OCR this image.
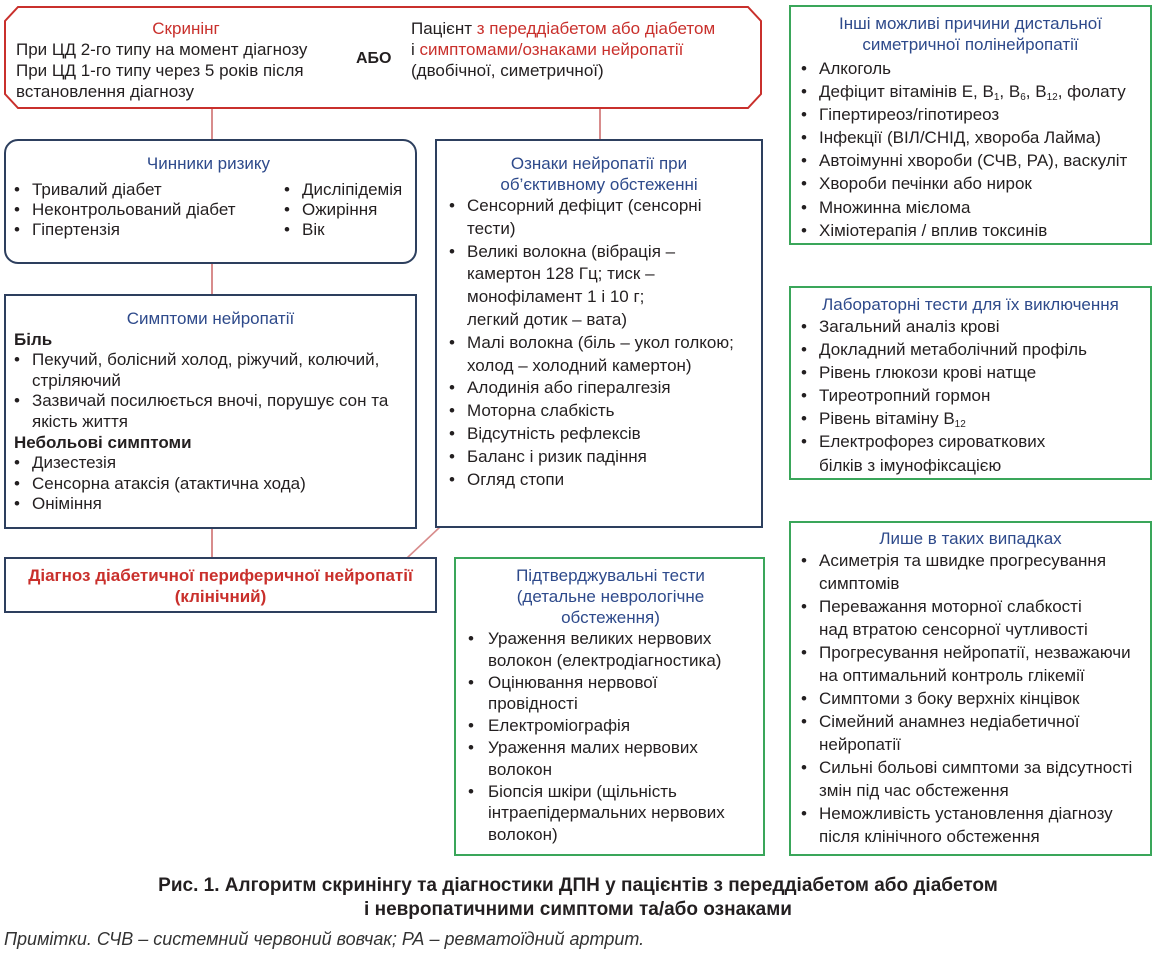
Скринінг
При ЦД 2-го типу на момент діагнозу
При ЦД 1-го типу через 5 років після
встановлення діагнозу
АБО
Пацієнт з переддіабетом або діабетом
і симптомами/ознаками нейропатії
(двобічної, симетричної)
Чинники ризику
• Тривалий діабет
• Неконтрольований діабет
• Гіпертензія
• Дисліпідемія
• Ожиріння
• Вік
Симптоми нейропатії
Біль
• Пекучий, болісний холод, ріжучий, колючий, стріляючий
• Зазвичай посилюється вночі, порушує сон та якість життя
Небольові симптоми
• Дизестезія
• Сенсорна атаксія (атактична хода)
• Оніміння
Діагноз діабетичної периферичної нейропатії
(клінічний)
Ознаки нейропатії при об’єктивному обстеженні
• Сенсорний дефіцит (сенсорні тести)
• Великі волокна (вібрація – камертон 128 Гц; тиск – монофіламент 1 і 10 г; легкий дотик – вата)
• Малі волокна (біль – укол голкою; холод – холодний камертон)
• Алодинія або гіпералгезія
• Моторна слабкість
• Відсутність рефлексів
• Баланс і ризик падіння
• Огляд стопи
Підтверджувальні тести (детальне неврологічне обстеження)
• Ураження великих нервових волокон (електродіагностика)
• Оцінювання нервової провідності
• Електроміографія
• Ураження малих нервових волокон
• Біопсія шкіри (щільність інтраепідермальних нервових волокон)
Інші можливі причини дистальної симетричної полінейропатії
• Алкоголь
• Дефіцит вітамінів Е, $В_1$, $В_6$, $В_{12}$, фолату
• Гіпертиреоз/гіпотиреоз
• Інфекції (ВІЛ/СНІД, хвороба Лайма)
• Автоімунні хвороби (СЧВ, РА), васкуліт
• Хвороби печінки або нирок
• Множинна мієлома
• Хіміотерапія / вплив токсинів
Лабораторні тести для їх виключення
• Загальний аналіз крові
• Докладний метаболічний профіль
• Рівень глюкози крові натще
• Тиреотропний гормон
• Рівень вітаміну $В_{12}$
• Електрофорез сироваткових білків з імунофіксацією
Лише в таких випадках
• Асиметрія та швидке прогресування симптомів
• Переважання моторної слабкості над втратою сенсорної чутливості
• Прогресування нейропатії, незважаючи на оптимальний контроль глікемії
• Симптоми з боку верхніх кінцівок
• Сімейний анамнез недіабетичної нейропатії
• Сильні больові симптоми за відсутності змін під час обстеження
• Неможливість установлення діагнозу після клінічного обстеження
Рис. 1. Алгоритм скринінгу та діагностики ДПН у пацієнтів з переддіабетом або діабетом
і невропатичними симптоми та/або ознаками
Примітки. СЧВ – системний червоний вовчак; РА – ревматоїдний артрит.
